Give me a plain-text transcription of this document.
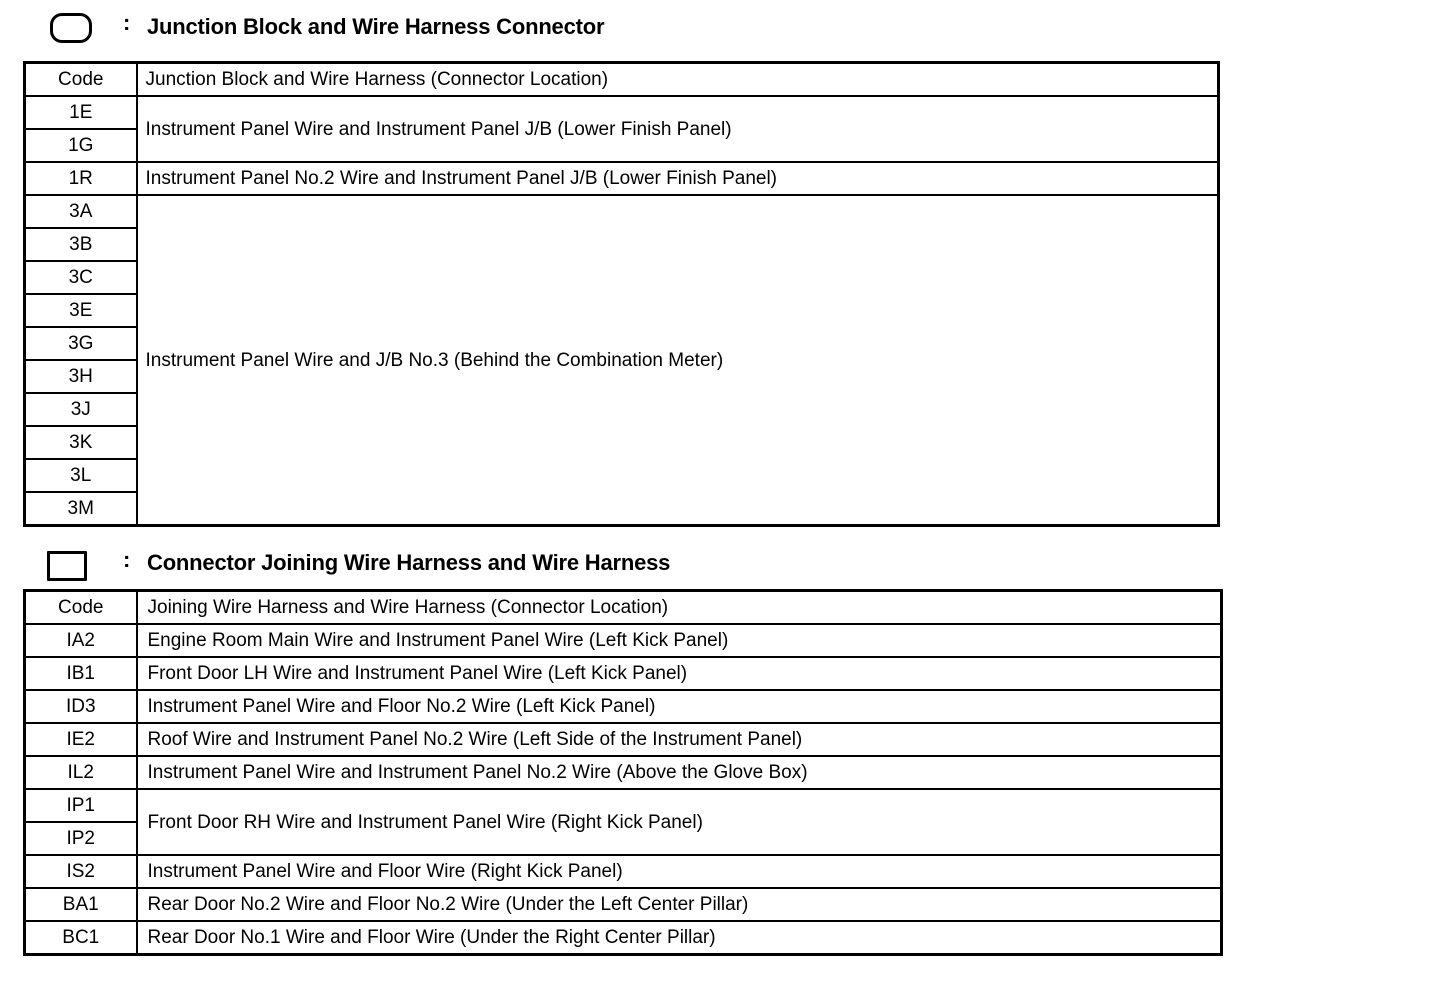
: Junction Block and Wire Harness Connector
Code	Junction Block and Wire Harness (Connector Location)
1E	Instrument Panel Wire and Instrument Panel J/B (Lower Finish Panel)
1G	
1R	Instrument Panel No.2 Wire and Instrument Panel J/B (Lower Finish Panel)
3A	Instrument Panel Wire and J/B No.3 (Behind the Combination Meter)
3B	
3C	
3E	
3G	
3H	
3J	
3K	
3L	
3M	
: Connector Joining Wire Harness and Wire Harness
Code	Joining Wire Harness and Wire Harness (Connector Location)
IA2	Engine Room Main Wire and Instrument Panel Wire (Left Kick Panel)
IB1	Front Door LH Wire and Instrument Panel Wire (Left Kick Panel)
ID3	Instrument Panel Wire and Floor No.2 Wire (Left Kick Panel)
IE2	Roof Wire and Instrument Panel No.2 Wire (Left Side of the Instrument Panel)
IL2	Instrument Panel Wire and Instrument Panel No.2 Wire (Above the Glove Box)
IP1	Front Door RH Wire and Instrument Panel Wire (Right Kick Panel)
IP2	
IS2	Instrument Panel Wire and Floor Wire (Right Kick Panel)
BA1	Rear Door No.2 Wire and Floor No.2 Wire (Under the Left Center Pillar)
BC1	Rear Door No.1 Wire and Floor Wire (Under the Right Center Pillar)
